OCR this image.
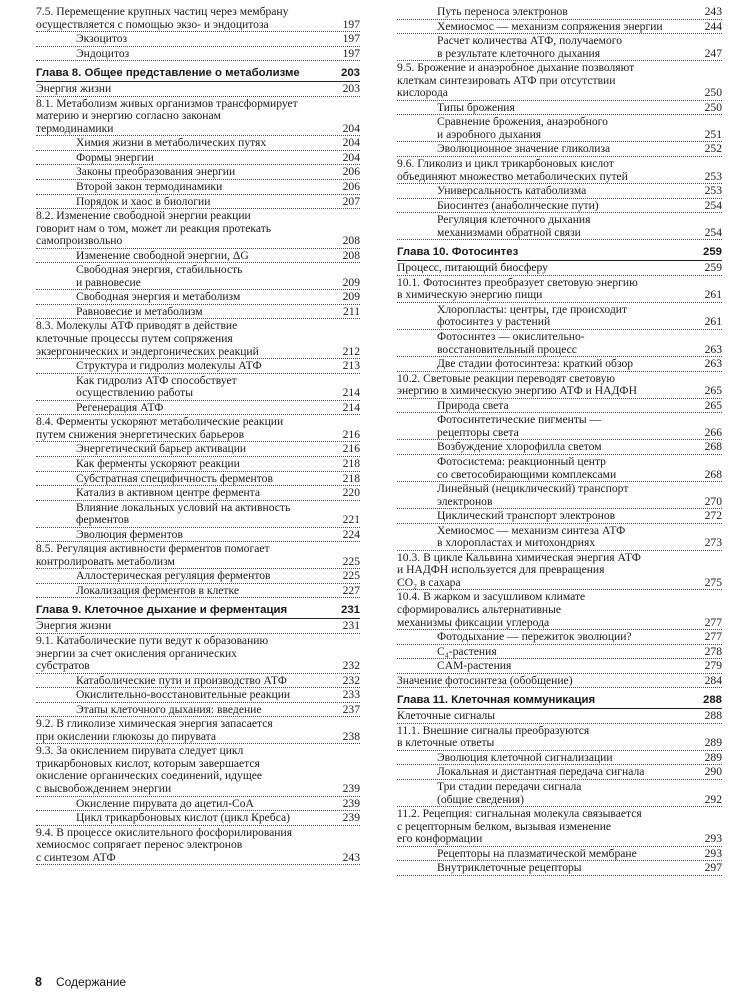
7.5. Перемещение крупных частиц через мембрану
осуществляется с помощью экзо- и эндоцитоза	197
Экзоцитоз	197
Эндоцитоз	197
Глава 8. Общее представление о метаболизме	203
Энергия жизни	203
8.1. Метаболизм живых организмов трансформирует
материю и энергию согласно законам
термодинамики	204
Химия жизни в метаболических путях	204
Формы энергии	204
Законы преобразования энергии	206
Второй закон термодинамики	206
Порядок и хаос в биологии	207
8.2. Изменение свободной энергии реакции
говорит нам о том, может ли реакция протекать
самопроизвольно	208
Изменение свободной энергии, ΔG	208
Свободная энергия, стабильность
и равновесие	209
Свободная энергия и метаболизм	209
Равновесие и метаболизм	211
8.3. Молекулы АТФ приводят в действие
клеточные процессы путем сопряжения
экзергонических и эндергонических реакций	212
Структура и гидролиз молекулы АТФ	213
Как гидролиз АТФ способствует
осуществлению работы	214
Регенерация АТФ	214
8.4. Ферменты ускоряют метаболические реакции
путем снижения энергетических барьеров	216
Энергетический барьер активации	216
Как ферменты ускоряют реакции	218
Субстратная специфичность ферментов	218
Катализ в активном центре фермента	220
Влияние локальных условий на активность
ферментов	221
Эволюция ферментов	224
8.5. Регуляция активности ферментов помогает
контролировать метаболизм	225
Аллостерическая регуляция ферментов	225
Локализация ферментов в клетке	227
Глава 9. Клеточное дыхание и ферментация	231
Энергия жизни	231
9.1. Катаболические пути ведут к образованию
энергии за счет окисления органических
субстратов	232
Катаболические пути и производство АТФ	232
Окислительно-восстановительные реакции	233
Этапы клеточного дыхания: введение	237
9.2. В гликолизе химическая энергия запасается
при окислении глюкозы до пирувата	238
9.3. За окислением пирувата следует цикл
трикарбоновых кислот, которым завершается
окисление органических соединений, идущее
с высвобождением энергии	239
Окисление пирувата до ацетил-СоА	239
Цикл трикарбоновых кислот (цикл Кребса)	239
9.4. В процессе окислительного фосфорилирования
хемиосмос сопрягает перенос электронов
с синтезом АТФ	243
Путь переноса электронов	243
Хемиосмос — механизм сопряжения энергии	244
Расчет количества АТФ, получаемого
в результате клеточного дыхания	247
9.5. Брожение и анаэробное дыхание позволяют
клеткам синтезировать АТФ при отсутствии
кислорода	250
Типы брожения	250
Сравнение брожения, анаэробного
и аэробного дыхания	251
Эволюционное значение гликолиза	252
9.6. Гликолиз и цикл трикарбоновых кислот
объединяют множество метаболических путей	253
Универсальность катаболизма	253
Биосинтез (анаболические пути)	254
Регуляция клеточного дыхания
механизмами обратной связи	254
Глава 10. Фотосинтез	259
Процесс, питающий биосферу	259
10.1. Фотосинтез преобразует световую энергию
в химическую энергию пищи	261
Хлоропласты: центры, где происходит
фотосинтез у растений	261
Фотосинтез — окислительно-
восстановительный процесс	263
Две стадии фотосинтеза: краткий обзор	263
10.2. Световые реакции переводят световую
энергию в химическую энергию АТФ и НАДФН	265
Природа света	265
Фотосинтетические пигменты —
рецепторы света	266
Возбуждение хлорофилла светом	268
Фотосистема: реакционный центр
со светособирающими комплексами	268
Линейный (нециклический) транспорт
электронов	270
Циклический транспорт электронов	272
Хемиосмос — механизм синтеза АТФ
в хлоропластах и митохондриях	273
10.3. В цикле Кальвина химическая энергия АТФ
и НАДФН используется для превращения
CO₂ в сахара	275
10.4. В жарком и засушливом климате
сформировались альтернативные
механизмы фиксации углерода	277
Фотодыхание — пережиток эволюции?	277
C₄-растения	278
CAM-растения	279
Значение фотосинтеза (обобщение)	284
Глава 11. Клеточная коммуникация	288
Клеточные сигналы	288
11.1. Внешние сигналы преобразуются
в клеточные ответы	289
Эволюция клеточной сигнализации	289
Локальная и дистантная передача сигнала	290
Три стадии передачи сигнала
(общие сведения)	292
11.2. Рецепция: сигнальная молекула связывается
с рецепторным белком, вызывая изменение
его конформации	293
Рецепторы на плазматической мембране	293
Внутриклеточные рецепторы	297
8 Содержание
